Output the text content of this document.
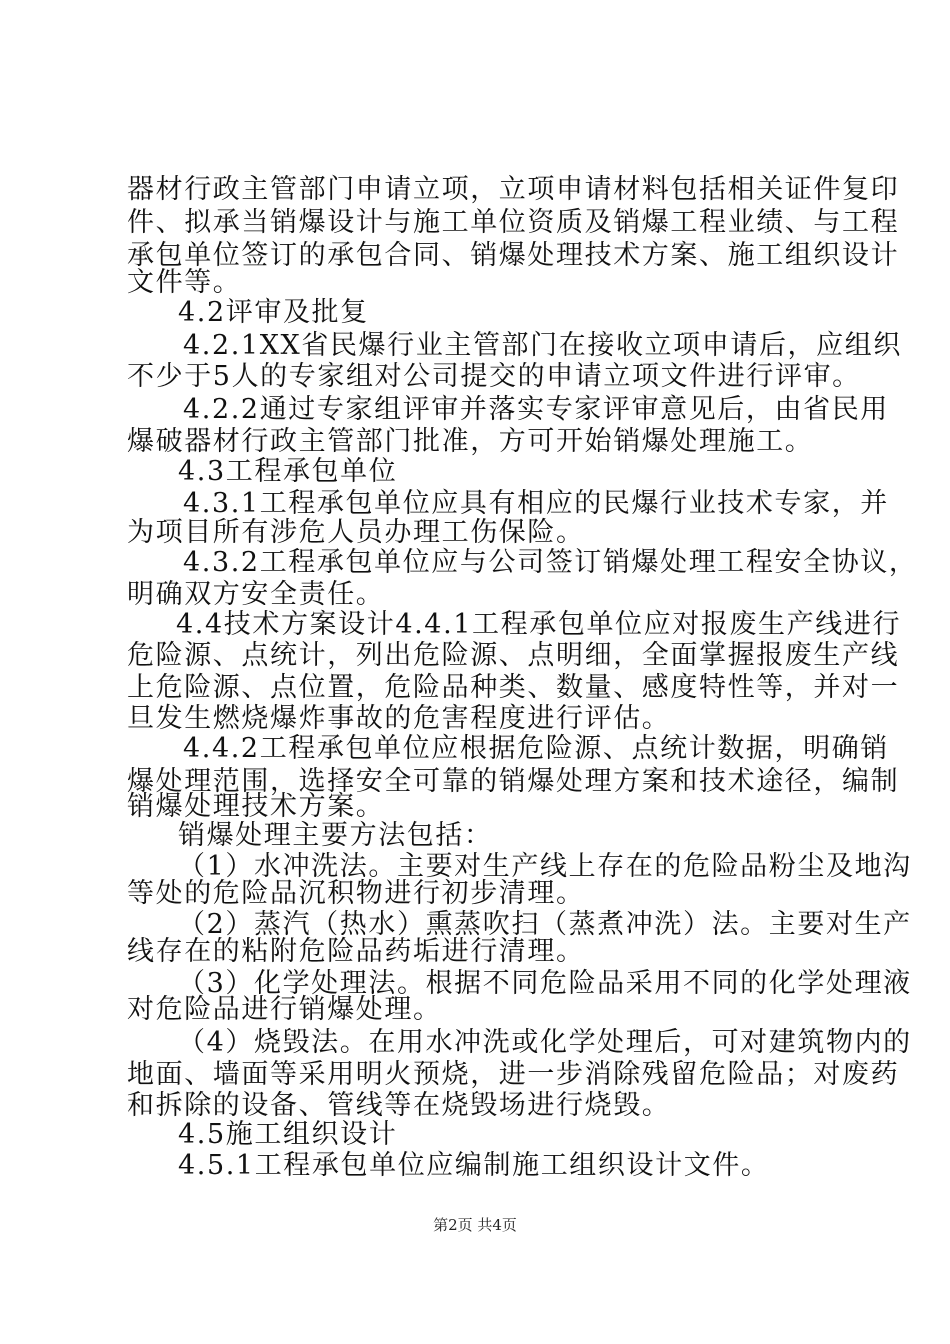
器材行政主管部门申请立项，立项申请材料包括相关证件复印
件、拟承当销爆设计与施工单位资质及销爆工程业绩、与工程
承包单位签订的承包合同、销爆处理技术方案、施工组织设计
文件等。
4.2评审及批复
4.2.1XX省民爆行业主管部门在接收立项申请后，应组织
不少于5人的专家组对公司提交的申请立项文件进行评审。
4.2.2通过专家组评审并落实专家评审意见后，由省民用
爆破器材行政主管部门批准，方可开始销爆处理施工。
4.3工程承包单位
4.3.1工程承包单位应具有相应的民爆行业技术专家，并
为项目所有涉危人员办理工伤保险。
4.3.2工程承包单位应与公司签订销爆处理工程安全协议，
明确双方安全责任。
4.4技术方案设计4.4.1工程承包单位应对报废生产线进行
危险源、点统计，列出危险源、点明细，全面掌握报废生产线
上危险源、点位置，危险品种类、数量、感度特性等，并对一
旦发生燃烧爆炸事故的危害程度进行评估。
4.4.2工程承包单位应根据危险源、点统计数据，明确销
爆处理范围，选择安全可靠的销爆处理方案和技术途径，编制
销爆处理技术方案。
销爆处理主要方法包括：
（1）水冲洗法。主要对生产线上存在的危险品粉尘及地沟
等处的危险品沉积物进行初步清理。
（2）蒸汽（热水）熏蒸吹扫（蒸煮冲洗）法。主要对生产
线存在的粘附危险品药垢进行清理。
（3）化学处理法。根据不同危险品采用不同的化学处理液
对危险品进行销爆处理。
（4）烧毁法。在用水冲洗或化学处理后，可对建筑物内的
地面、墙面等采用明火预烧，进一步消除残留危险品；对废药
和拆除的设备、管线等在烧毁场进行烧毁。
4.5施工组织设计
4.5.1工程承包单位应编制施工组织设计文件。
第2页 共4页
